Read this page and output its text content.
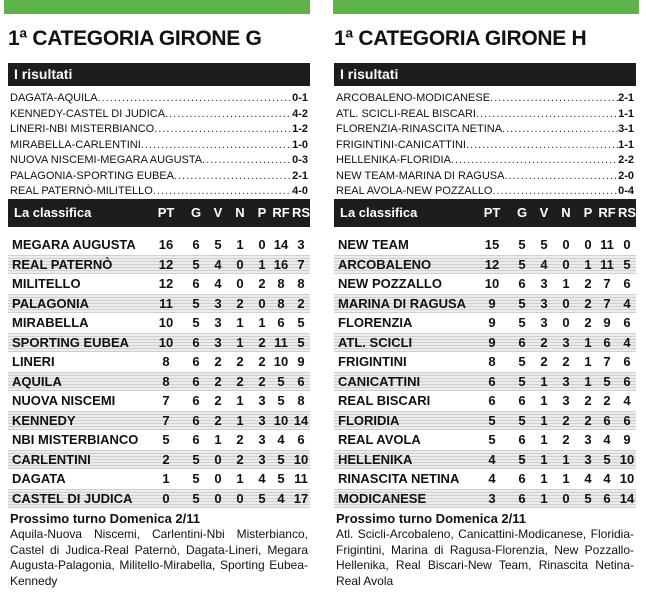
1ª CATEGORIA GIRONE G
I risultati
DAGATA-AQUILA .....	0-1
KENNEDY-CASTEL DI JUDICA .....	4-2
LINERI-NBI MISTERBIANCO .....	1-2
MIRABELLA-CARLENTINI .....	1-0
NUOVA NISCEMI-MEGARA AUGUSTA .....	0-3
PALAGONIA-SPORTING EUBEA .....	2-1
REAL PATERNÒ-MILITELLO .....	4-0
La classifica	PT	G V N P RF RS
MEGARA AUGUSTA	16	6	5	1	0 14 3
REAL PATERNÒ	12	5	4	0	1 16 7
MILITELLO	12	6	4	0	2 8 8
PALAGONIA	11	5	3	2	0 8 2
MIRABELLA	10	5	3	1	1 6 5
SPORTING EUBEA	10	6	3	1	2 11 5
LINERI	8	6	2	2	2 10 9
AQUILA	8	6	2	2	2 5 6
NUOVA NISCEMI	7	6	2	1	3 5 8
KENNEDY	7	6	2	1	3 10 14
NBI MISTERBIANCO	5	6	1	2	3 4 6
CARLENTINI	2	5	0	2	3 5 10
DAGATA	1	5	0	1	4 5 11
CASTEL DI JUDICA	0	5	0	0	5 4 17
Prossimo turno Domenica 2/11
Aquila-Nuova Niscemi, Carlentini-Nbi Misterbianco, Castel di Judica-Real Paternò, Dagata-Lineri, Megara Augusta-Palagonia, Militello-Mirabella, Sporting Eubea-Kennedy
1ª CATEGORIA GIRONE H
I risultati
ARCOBALENO-MODICANESE .....	2-1
ATL. SCICLI-REAL BISCARI .....	1-1
FLORENZIA-RINASCITA NETINA .....	3-1
FRIGINTINI-CANICATTINI .....	1-1
HELLENIKA-FLORIDIA .....	2-2
NEW TEAM-MARINA DI RAGUSA .....	2-0
REAL AVOLA-NEW POZZALLO .....	0-4
La classifica	PT	G V N P RF RS
NEW TEAM	15	5	5	0	0 11 0
ARCOBALENO	12	5	4	0	1 11 5
NEW POZZALLO	10	6	3	1	2 7 6
MARINA DI RAGUSA	9	5	3	0	2 7 4
FLORENZIA	9	5	3	0	2 9 6
ATL. SCICLI	9	6	2	3	1 6 4
FRIGINTINI	8	5	2	2	1 7 6
CANICATTINI	6	5	1	3	1 5 6
REAL BISCARI	6	6	1	3	2 2 4
FLORIDIA	5	5	1	2	2 6 6
REAL AVOLA	5	6	1	2	3 4 9
HELLENIKA	4	5	1	1	3 5 10
RINASCITA NETINA	4	6	1	1	4 4 10
MODICANESE	3	6	1	0	5 6 14
Prossimo turno Domenica 2/11
Atl. Scicli-Arcobaleno, Canicattini-Modicanese, Floridia-Frigintini, Marina di Ragusa-Florenzia, New Pozzallo-Hellenika, Real Biscari-New Team, Rinascita Netina-Real Avola
